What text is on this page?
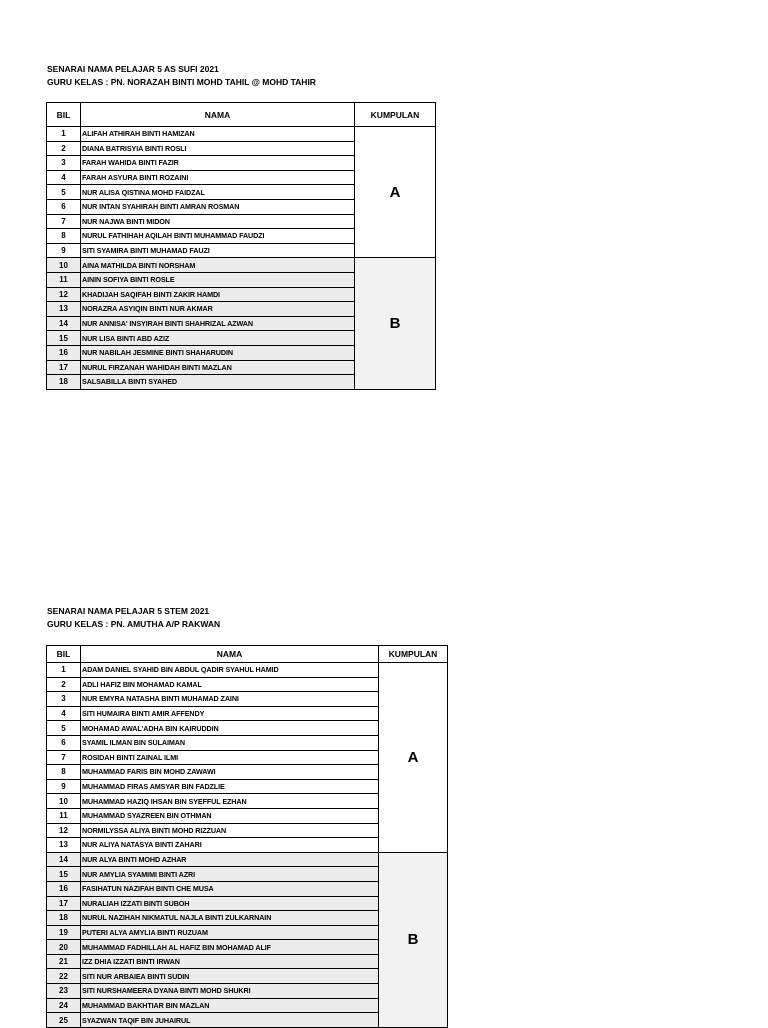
SENARAI NAMA PELAJAR 5 AS SUFI 2021
GURU KELAS : PN. NORAZAH BINTI MOHD TAHIL @ MOHD TAHIR
BIL	NAMA	KUMPULAN
1	ALIFAH ATHIRAH BINTI HAMIZAN	A
2	DIANA BATRISYIA BINTI ROSLI	
3	FARAH WAHIDA BINTI FAZIR	
4	FARAH ASYURA BINTI ROZAINI	
5	NUR ALISA QISTINA MOHD FAIDZAL	
6	NUR INTAN SYAHIRAH BINTI AMRAN ROSMAN	
7	NUR NAJWA BINTI MIDON	
8	NURUL FATHIHAH AQILAH BINTI MUHAMMAD FAUDZI	
9	SITI SYAMIRA BINTI MUHAMAD FAUZI	
10	AINA MATHILDA BINTI NORSHAM	B
11	AININ SOFIYA BINTI ROSLE	
12	KHADIJAH SAQIFAH BINTI ZAKIR HAMDI	
13	NORAZRA ASYIQIN BINTI NUR AKMAR	
14	NUR ANNISA' INSYIRAH BINTI SHAHRIZAL AZWAN	
15	NUR LISA BINTI ABD AZIZ	
16	NUR NABILAH JESMINE BINTI SHAHARUDIN	
17	NURUL FIRZANAH WAHIDAH BINTI MAZLAN	
18	SALSABILLA BINTI SYAHED	
SENARAI NAMA PELAJAR 5 STEM 2021
GURU KELAS : PN. AMUTHA A/P RAKWAN
BIL	NAMA	KUMPULAN
1	ADAM DANIEL SYAHID BIN ABDUL QADIR SYAHUL HAMID	A
2	ADLI HAFIZ BIN MOHAMAD KAMAL	
3	NUR EMYRA NATASHA BINTI MUHAMAD ZAINI	
4	SITI HUMAIRA BINTI AMIR AFFENDY	
5	MOHAMAD AWAL'ADHA BIN KAIRUDDIN	
6	SYAMIL ILMAN BIN SULAIMAN	
7	ROSIDAH BINTI ZAINAL ILMI	
8	MUHAMMAD FARIS BIN MOHD ZAWAWI	
9	MUHAMMAD FIRAS AMSYAR BIN FADZLIE	
10	MUHAMMAD HAZIQ IHSAN BIN SYEFFUL EZHAN	
11	MUHAMMAD SYAZREEN BIN OTHMAN	
12	NORMILYSSA ALIYA BINTI MOHD RIZZUAN	
13	NUR ALIYA NATASYA BINTI ZAHARI	
14	NUR ALYA BINTI MOHD AZHAR	B
15	NUR AMYLIA SYAMIMI BINTI AZRI	
16	FASIHATUN NAZIFAH BINTI CHE MUSA	
17	NURALIAH IZZATI BINTI SUBOH	
18	NURUL NAZIHAH NIKMATUL NAJLA BINTI ZULKARNAIN	
19	PUTERI ALYA AMYLIA BINTI RUZUAM	
20	MUHAMMAD FADHILLAH AL HAFIZ BIN MOHAMAD ALIF	
21	IZZ DHIA IZZATI BINTI IRWAN	
22	SITI NUR ARBAIEA BINTI SUDIN	
23	SITI NURSHAMEERA DYANA BINTI MOHD SHUKRI	
24	MUHAMMAD BAKHTIAR BIN MAZLAN	
25	SYAZWAN TAQIF BIN JUHAIRUL	
